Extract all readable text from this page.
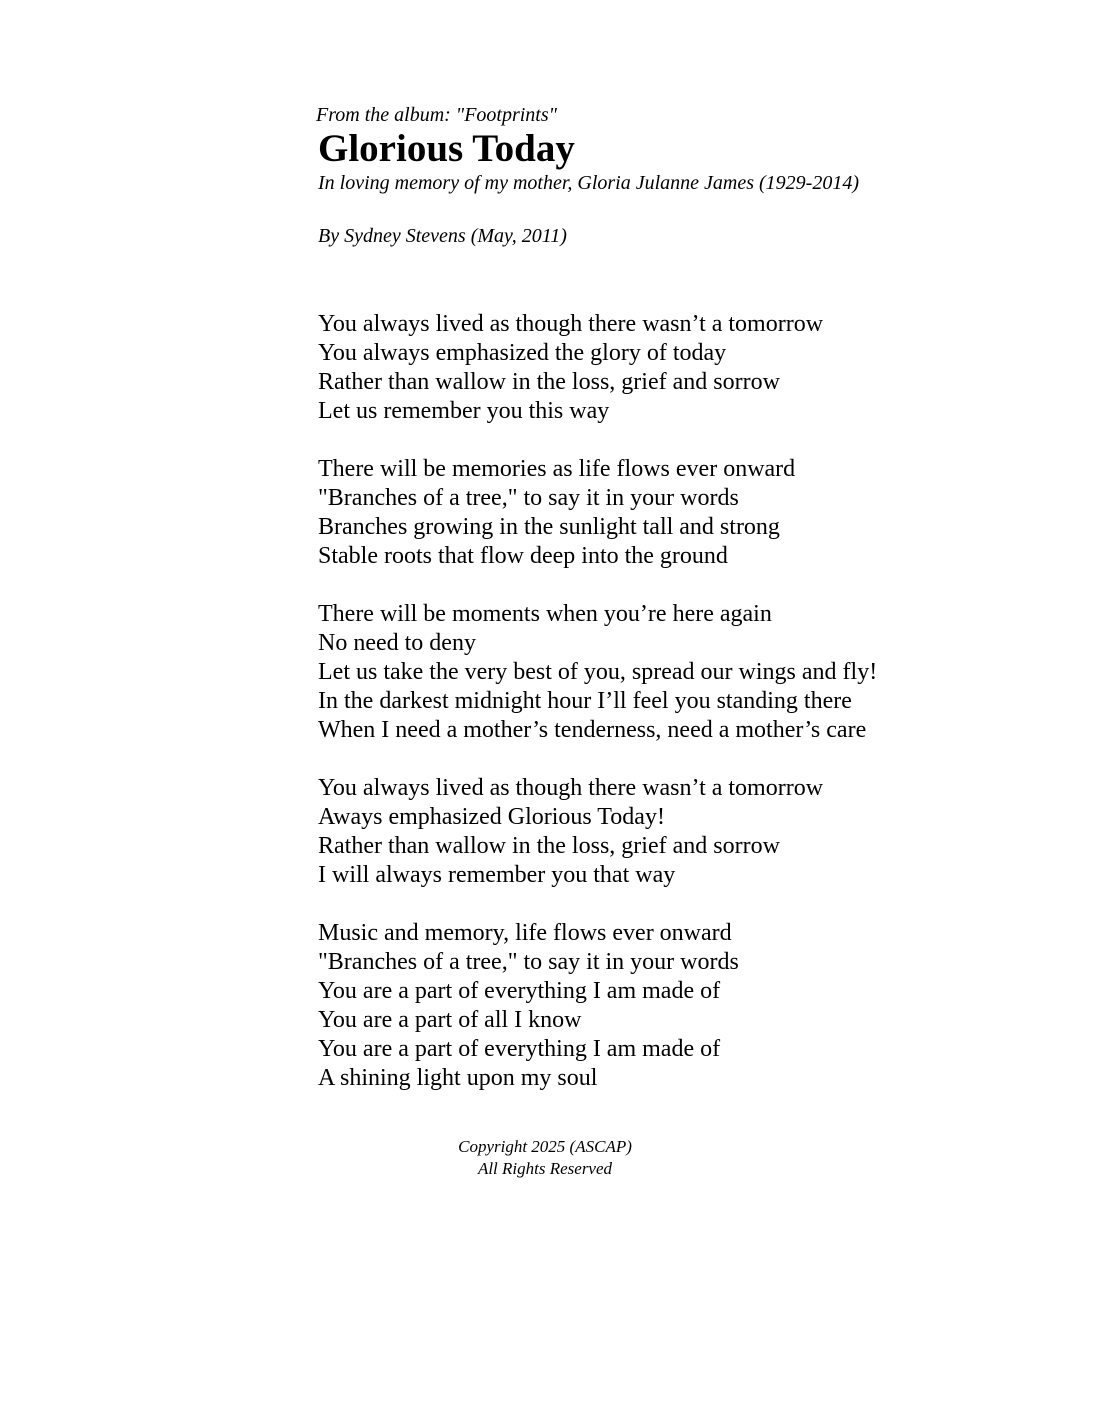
From the album: "Footprints"

Glorious Today

In loving memory of my mother, Gloria Julanne James (1929-2014)

By Sydney Stevens (May, 2011)

You always lived as though there wasn’t a tomorrow
You always emphasized the glory of today
Rather than wallow in the loss, grief and sorrow
Let us remember you this way
There will be memories as life flows ever onward
"Branches of a tree," to say it in your words
Branches growing in the sunlight tall and strong
Stable roots that flow deep into the ground
There will be moments when you’re here again
No need to deny
Let us take the very best of you, spread our wings and fly!
In the darkest midnight hour I’ll feel you standing there
When I need a mother’s tenderness, need a mother’s care
You always lived as though there wasn’t a tomorrow
Aways emphasized Glorious Today!
Rather than wallow in the loss, grief and sorrow
I will always remember you that way
Music and memory, life flows ever onward
"Branches of a tree," to say it in your words
You are a part of everything I am made of
You are a part of all I know
You are a part of everything I am made of
A shining light upon my soul
Copyright 2025 (ASCAP)
All Rights Reserved
